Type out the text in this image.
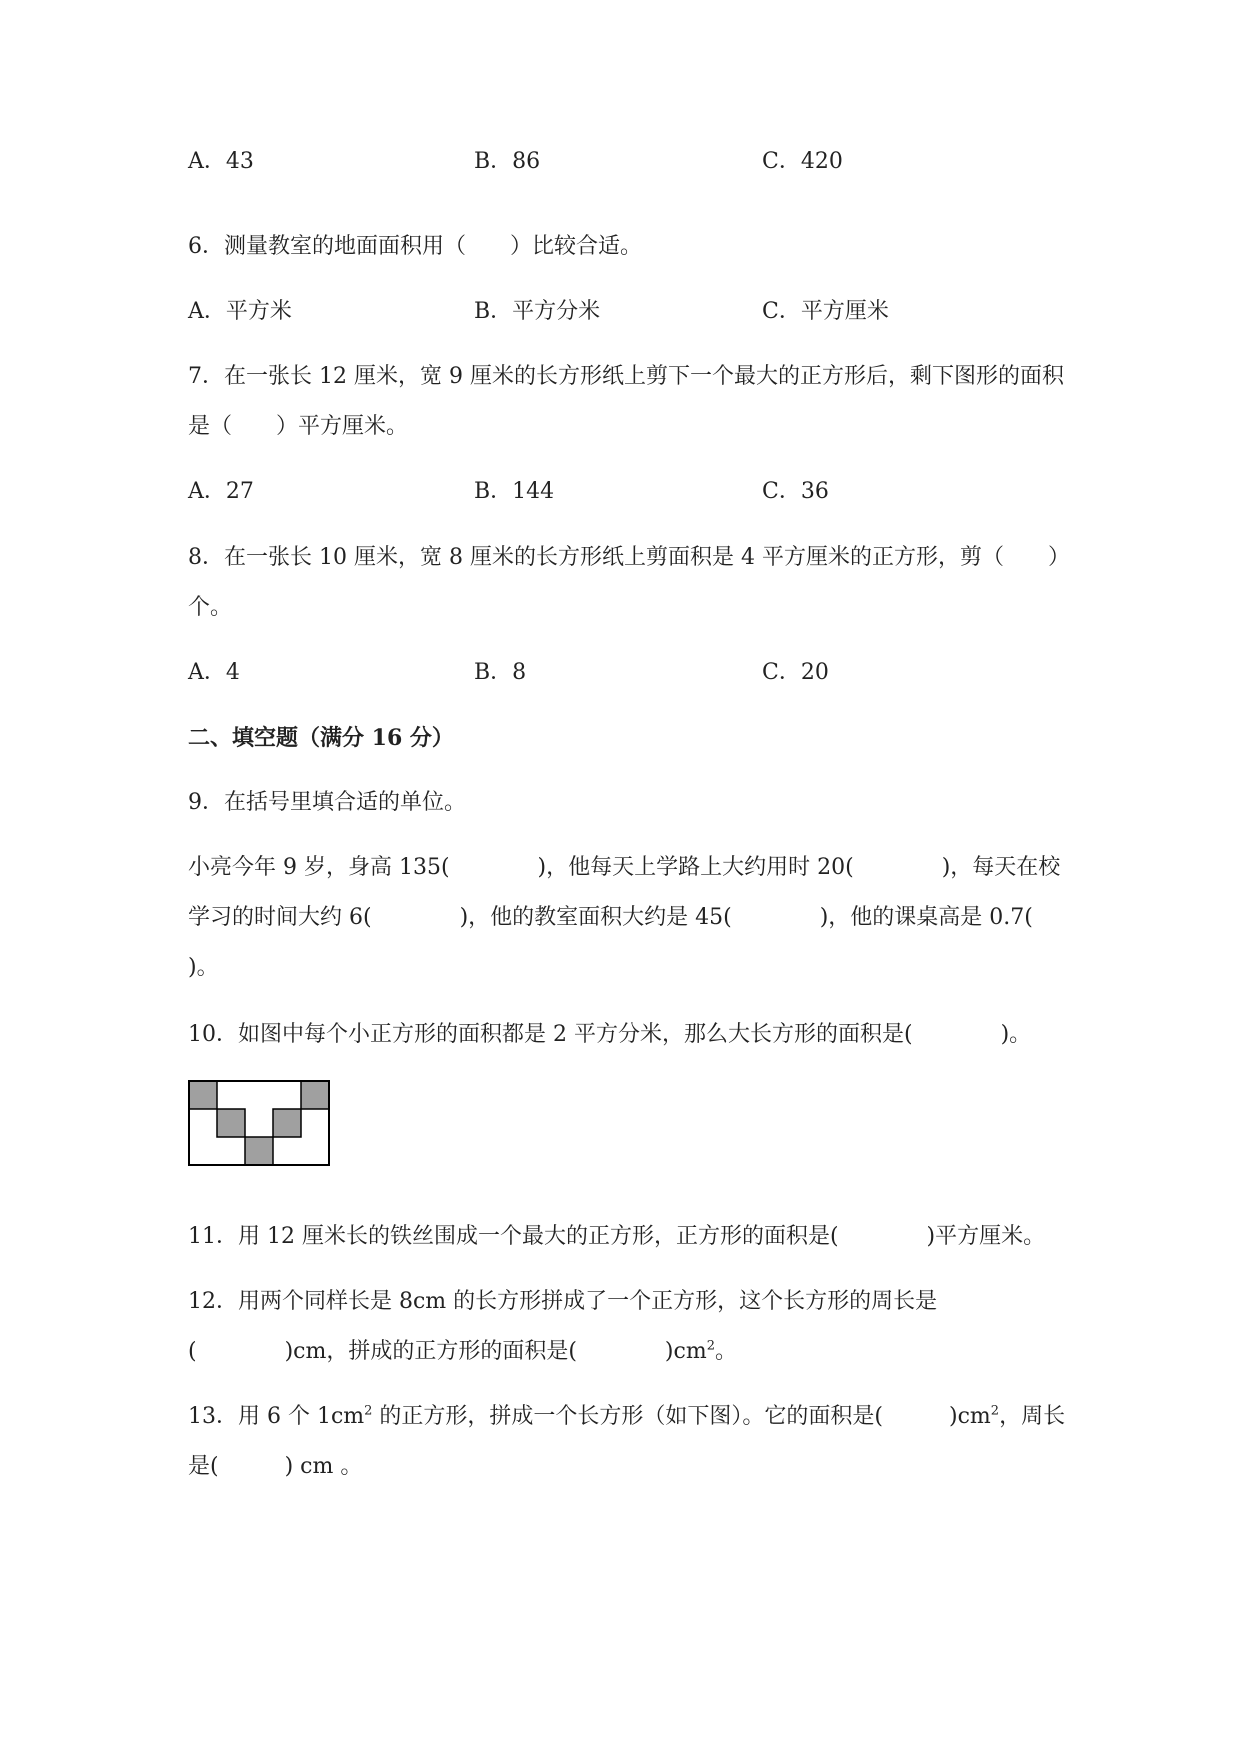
A．43	B．86	C．420
6．测量教室的地面面积用（　　）比较合适。
A．平方米	B．平方分米	C．平方厘米
7．在一张长 12 厘米，宽 9 厘米的长方形纸上剪下一个最大的正方形后，剩下图形的面积
是（　　）平方厘米。
A．27	B．144	C．36
8．在一张长 10 厘米，宽 8 厘米的长方形纸上剪面积是 4 平方厘米的正方形，剪（　　）
个。
A．4	B．8	C．20
二、填空题（满分 16 分）
9．在括号里填合适的单位。
小亮今年 9 岁，身高 135(　　　　)，他每天上学路上大约用时 20(　　　　)，每天在校
学习的时间大约 6(　　　　)，他的教室面积大约是 45(　　　　)，他的课桌高是 0.7(
)。
10．如图中每个小正方形的面积都是 2 平方分米，那么大长方形的面积是(　　　　)。
11．用 12 厘米长的铁丝围成一个最大的正方形，正方形的面积是(　　　　)平方厘米。
12．用两个同样长是 8cm 的长方形拼成了一个正方形，这个长方形的周长是
(　　　　)cm，拼成的正方形的面积是(　　　　)$cm^2$。
13．用 6 个 $1cm^2$ 的正方形，拼成一个长方形（如下图）。它的面积是(　　　)$cm^2$，周长
是(　　　) cm 。
